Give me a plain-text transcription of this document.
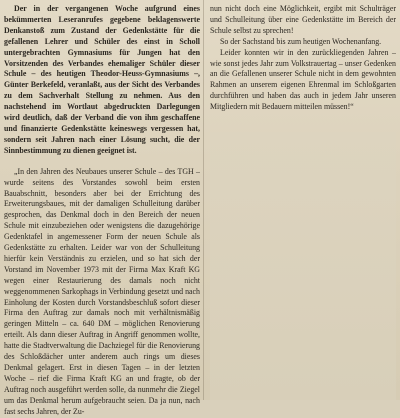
Der in der vergangenen Woche aufgrund eines bekümmerten Leseranrufes gegebene beklagenswerte Denkanstoß zum Zustand der Gedenkstätte für die gefallenen Lehrer und Schüler des einst in Scholl untergebrachten Gymnasiums für Jungen hat den Vorsitzenden des Verbandes ehemaliger Schüler dieser Schule – des heutigen Theodor-Heuss-Gymnasiums –, Günter Berkefeld, veranlaßt, aus der Sicht des Verbandes zu dem Sachverhalt Stellung zu nehmen. Aus den nachstehend im Wortlaut abgedruckten Darlegungen wird deutlich, daß der Verband die von ihm geschaffene und finanzierte Gedenkstätte keineswegs vergessen hat, sondern seit Jahren nach einer Lösung sucht, die der Sinnbestimmung zu dienen geeignet ist.

„In den Jahren des Neubaues unserer Schule – des TGH – wurde seitens des Vorstandes sowohl beim ersten Bauabschnitt, besonders aber bei der Errichtung des Erweiterungsbaues, mit der damaligen Schulleitung darüber gesprochen, das Denkmal doch in den Bereich der neuen Schule mit einzubeziehen oder wenigstens die dazugehörige Gedenktafel in angemessener Form der neuen Schule als Gedenkstätte zu erhalten. Leider war von der Schulleitung hierfür kein Verständnis zu erzielen, und so hat sich der Vorstand im November 1973 mit der Firma Max Kraft KG wegen einer Restaurierung des damals noch nicht weggenommenen Sarkophags in Verbindung gesetzt und nach Einholung der Kosten durch Vorstandsbeschluß sofort dieser Firma den Auftrag zur damals noch mit verhältnismäßig geringen Mitteln – ca. 640 DM – möglichen Renovierung erteilt. Als dann dieser Auftrag in Angriff genommen wollte, hatte die Stadtverwaltung die Dachziegel für die Renovierung des Schloßdächer unter anderem auch rings um dieses Denkmal gelagert. Erst in diesen Tagen – in der letzten Woche – rief die Firma Kraft KG an und fragte, ob der Auftrag noch ausgeführt werden solle, da nunmehr die Ziegel um das Denkmal herum aufgebraucht seien. Da ja nun, nach fast sechs Jahren, der Zu-

nun nicht doch eine Möglichkeit, ergibt mit Schulträger und Schulleitung über eine Gedenkstätte im Bereich der Schule selbst zu sprechen!

So der Sachstand bis zum heutigen Wochenanfang.

Leider konnten wir in den zurückliegenden Jahren – wie sonst jedes Jahr zum Volkstrauertag – unser Gedenken an die Gefallenen unserer Schule nicht in dem gewohnten Rahmen an unserem eigenen Ehrenmal im Schloßgarten durchführen und haben das auch in jedem Jahr unseren Mitgliedern mit Bedauern mitteilen müssen!“
